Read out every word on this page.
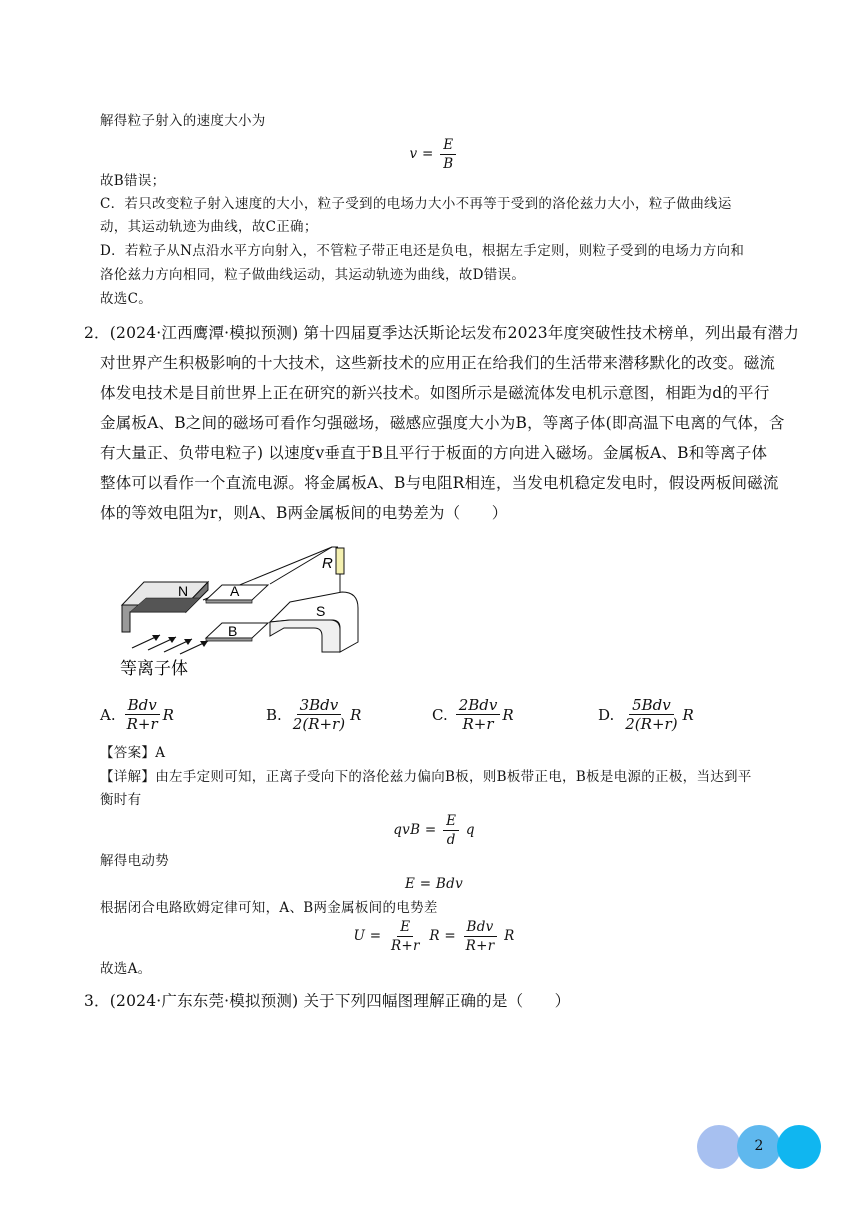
解得粒子射入的速度大小为
$v = \frac{E}{B}$
故B错误；
C．若只改变粒子射入速度的大小，粒子受到的电场力大小不再等于受到的洛伦兹力大小，粒子做曲线运
动，其运动轨迹为曲线，故C正确；
D．若粒子从N点沿水平方向射入，不管粒子带正电还是负电，根据左手定则，则粒子受到的电场力方向和
洛伦兹力方向相同，粒子做曲线运动，其运动轨迹为曲线，故D错误。
故选C。
2．(2024·江西鹰潭·模拟预测) 第十四届夏季达沃斯论坛发布2023年度突破性技术榜单，列出最有潜力
对世界产生积极影响的十大技术，这些新技术的应用正在给我们的生活带来潜移默化的改变。磁流
体发电技术是目前世界上正在研究的新兴技术。如图所示是磁流体发电机示意图，相距为d的平行
金属板A、B之间的磁场可看作匀强磁场，磁感应强度大小为B，等离子体(即高温下电离的气体，含
有大量正、负带电粒子) 以速度v垂直于B且平行于板面的方向进入磁场。金属板A、B和等离子体
整体可以看作一个直流电源。将金属板A、B与电阻R相连，当发电机稳定发电时，假设两板间磁流
体的等效电阻为r，则A、B两金属板间的电势差为（　　）
R
N	A
B
S
等离子体
A. $\frac{\text{Bdv}}{R+r}$ R	B. $\frac{\text{3Bdv}}{2(R+r)}$ R	C. $\frac{\text{2Bdv}}{R+r}$ R	D. $\frac{\text{5Bdv}}{2(R+r)}$ R
【答案】A
【详解】由左手定则可知，正离子受向下的洛伦兹力偏向B板，则B板带正电，B板是电源的正极，当达到平
衡时有
qvB = $\frac{E}{d}$ q
解得电动势
E = Bdv
根据闭合电路欧姆定律可知，A、B两金属板间的电势差
$U = \frac{E}{R+r}$ $R = \frac{\text{Bdv}}{R+r}$ R
故选A。
3．(2024·广东东莞·模拟预测) 关于下列四幅图理解正确的是（　　）
2
